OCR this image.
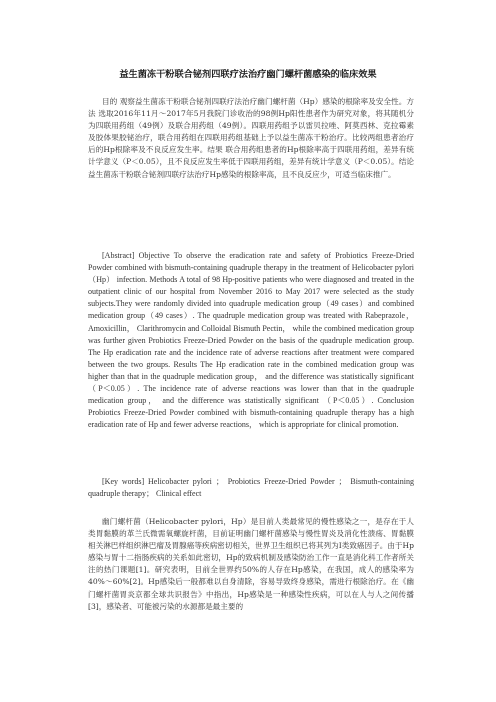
益生菌冻干粉联合铋剂四联疗法治疗幽门螺杆菌感染的临床效果

目的 观察益生菌冻干粉联合铋剂四联疗法治疗幽门螺杆菌（Hp）感染的根除率及安全性。方法 选取2016年11月～2017年5月我院门诊收治的98例Hp阳性患者作为研究对象，将其随机分为四联用药组（49例）及联合用药组（49例）。四联用药组予以雷贝拉唑、阿莫西林、克拉霉素及胶体果胶铋治疗，联合用药组在四联用药组基础上予以益生菌冻干粉治疗。比较两组患者治疗后的Hp根除率及不良反应发生率。结果 联合用药组患者的Hp根除率高于四联用药组，差异有统计学意义（P＜0.05），且不良反应发生率低于四联用药组，差异有统计学意义（P＜0.05）。结论 益生菌冻干粉联合铋剂四联疗法治疗Hp感染的根除率高，且不良反应少，可适当临床推广。

[Abstract] Objective To observe the eradication rate and safety of Probiotics Freeze-Dried Powder combined with bismuth-containing quadruple therapy in the treatment of Helicobacter pylori （Hp） infection. Methods A total of 98 Hp-positive patients who were diagnosed and treated in the outpatient clinic of our hospital from November 2016 to May 2017 were selected as the study subjects.They were randomly divided into quadruple medication group（49 cases）and combined medication group（49 cases）. The quadruple medication group was treated with Rabeprazole，Amoxicillin， Clarithromycin and Colloidal Bismuth Pectin， while the combined medication group was further given Probiotics Freeze-Dried Powder on the basis of the quadruple medication group. The Hp eradication rate and the incidence rate of adverse reactions after treatment were compared between the two groups. Results The Hp eradication rate in the combined medication group was higher than that in the quadruple medication group， and the difference was statistically significant （P＜0.05）. The incidence rate of adverse reactions was lower than that in the quadruple medication group， and the difference was statistically significant （P＜0.05）. Conclusion Probiotics Freeze-Dried Powder combined with bismuth-containing quadruple therapy has a high eradication rate of Hp and fewer adverse reactions， which is appropriate for clinical promotion.

[Key words] Helicobacter pylori ； Probiotics Freeze-Dried Powder ； Bismuth-containing quadruple therapy； Clinical effect

幽门螺杆菌（Helicobacter pylori，Hp）是目前人类最常见的慢性感染之一，是存在于人类胃黏膜的革兰氏微需氧螺旋杆菌，目前证明幽门螺杆菌感染与慢性胃炎及消化性溃疡、胃黏膜相关淋巴样组织淋巴瘤及胃腺癌等疾病密切相关，世界卫生组织已将其列为Ⅰ类致癌因子。由于Hp感染与胃十二指肠疾病的关系如此密切，Hp的致病机制及感染防治工作一直是消化科工作者所关注的热门课题[1]。研究表明，目前全世界约50%的人存在Hp感染，在我国，成人的感染率为40%～60%[2]。Hp感染后一般都难以自身清除，容易导致终身感染，需进行根除治疗。在《幽门螺杆菌胃炎京都全球共识报告》中指出，Hp感染是一种感染性疾病，可以在人与人之间传播[3]，感染者、可能被污染的水源都是最主要的
